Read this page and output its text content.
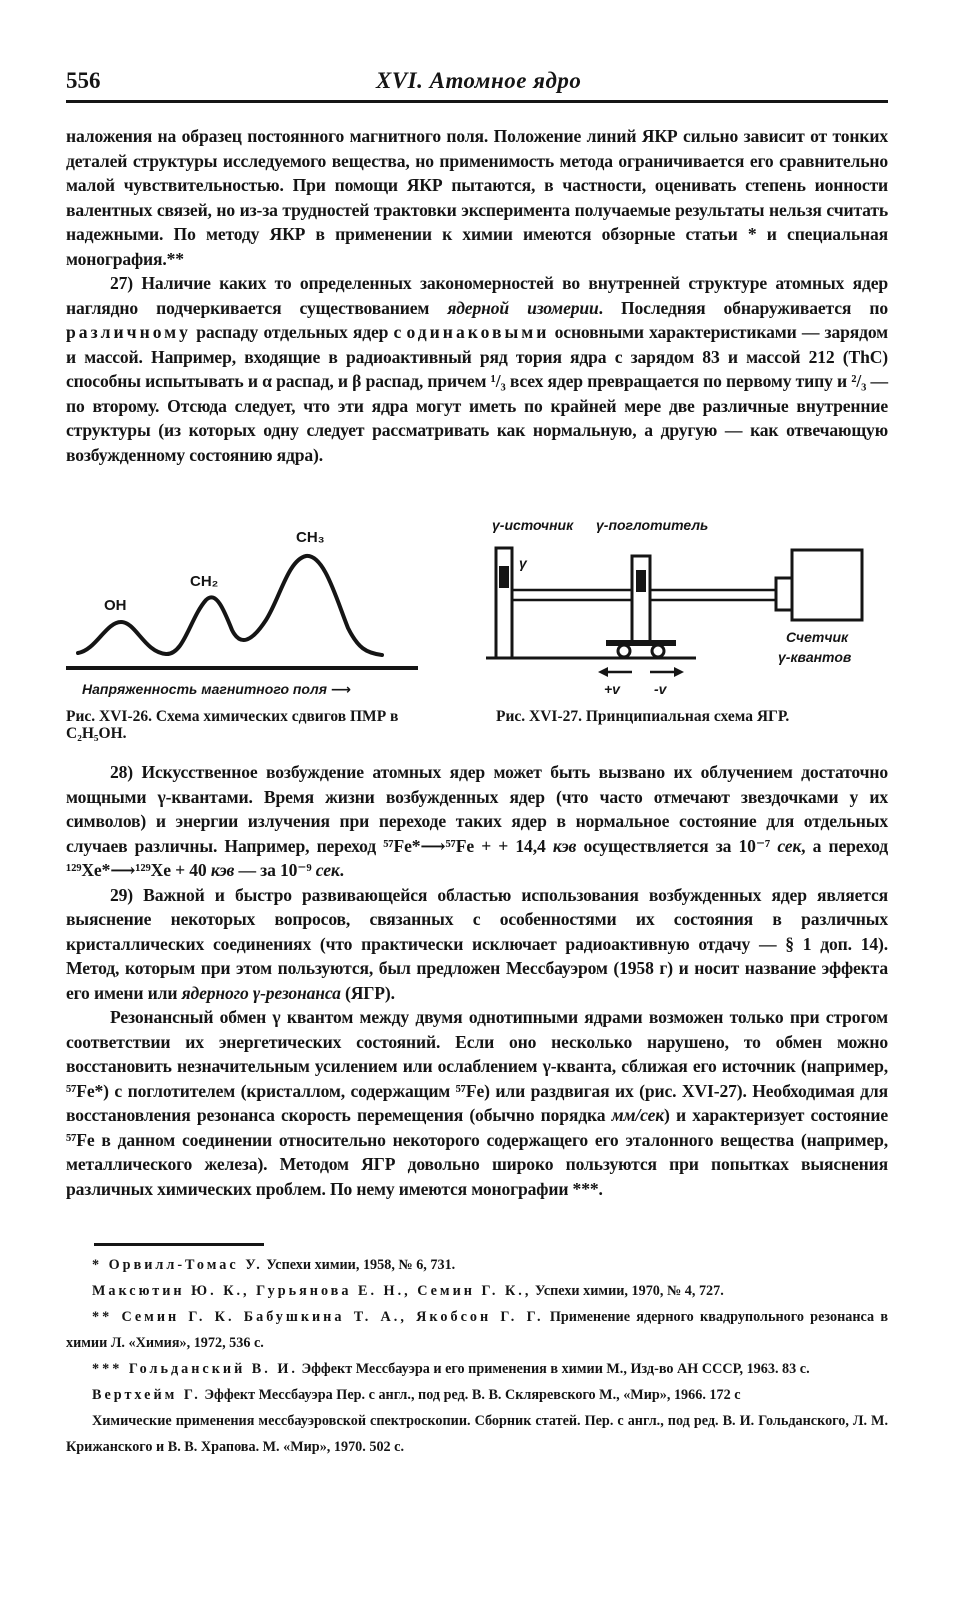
556	XVI. Атомное ядро

наложения на образец постоянного магнитного поля. Положение линий ЯКР сильно зависит от тонких деталей структуры исследуемого вещества, но применимость метода ограничивается его сравнительно малой чувствительностью. При помощи ЯКР пытаются, в частности, оценивать степень ионности валентных связей, но из-за трудностей трактовки эксперимента получаемые результаты нельзя считать надежными. По методу ЯКР в применении к химии имеются обзорные статьи * и специальная монография.**

27) Наличие каких то определенных закономерностей во внутренней структуре атомных ядер наглядно подчеркивается существованием ядерной изомерии. Последняя обнаруживается по различному распаду отдельных ядер с одинаковыми основными характеристиками — зарядом и массой. Например, входящие в радиоактивный ряд тория ядра с зарядом 83 и массой 212 (ThC) способны испытывать и α распад, и β распад, причем ¹/₃ всех ядер превращается по первому типу и ²/₃ — по второму. Отсюда следует, что эти ядра могут иметь по крайней мере две различные внутренние структуры (из которых одну следует рассматривать как нормальную, а другую — как отвечающую возбужденному состоянию ядра).

OH
CH₂
CH₃
Напряженность магнитного поля ⟶
Рис. XVI-26. Схема химических сдвигов ПМР в C₂H₅OH.
γ-источник γ-поглотитель
γ
Счетчик
γ-квантов
+v -v
Рис. XVI-27. Принципиальная схема ЯГР.

28) Искусственное возбуждение атомных ядер может быть вызвано их облучением достаточно мощными γ-квантами. Время жизни возбужденных ядер (что часто отмечают звездочками у их символов) и энергии излучения при переходе таких ядер в нормальное состояние для отдельных случаев различны. Например, переход ⁵⁷Fe*⟶⁵⁷Fe + + 14,4 кэв осуществляется за 10⁻⁷ сек, а переход ¹²⁹Xe*⟶¹²⁹Xe + 40 кэв — за 10⁻⁹ сек.

29) Важной и быстро развивающейся областью использования возбужденных ядер является выяснение некоторых вопросов, связанных с особенностями их состояния в различных кристаллических соединениях (что практически исключает радиоактивную отдачу — § 1 доп. 14). Метод, которым при этом пользуются, был предложен Мессбауэром (1958 г) и носит название эффекта его имени или ядерного γ-резонанса (ЯГР).

Резонансный обмен γ квантом между двумя однотипными ядрами возможен только при строгом соответствии их энергетических состояний. Если оно несколько нарушено, то обмен можно восстановить незначительным усилением или ослаблением γ-кванта, сближая его источник (например, ⁵⁷Fe*) с поглотителем (кристаллом, содержащим ⁵⁷Fe) или раздвигая их (рис. XVI-27). Необходимая для восстановления резонанса скорость перемещения (обычно порядка мм/сек) и характеризует состояние ⁵⁷Fe в данном соединении относительно некоторого содержащего его эталонного вещества (например, металлического железа). Методом ЯГР довольно широко пользуются при попытках выяснения различных химических проблем. По нему имеются монографии ***.

* Орвилл-Томас У. Успехи химии, 1958, № 6, 731.

Максютин Ю. К., Гурьянова Е. Н., Семин Г. К., Успехи химии, 1970, № 4, 727.

** Семин Г. К. Бабушкина Т. А., Якобсон Г. Г. Применение ядерного квадрупольного резонанса в химии Л. «Химия», 1972, 536 с.

*** Гольданский В. И. Эффект Мессбауэра и его применения в химии М., Изд-во АН СССР, 1963. 83 с.

Вертхейм Г. Эффект Мессбауэра Пер. с англ., под ред. В. В. Скляревского М., «Мир», 1966. 172 с

Химические применения мессбауэровской спектроскопии. Сборник статей. Пер. с англ., под ред. В. И. Гольданского, Л. М. Крижанского и В. В. Храпова. М. «Мир», 1970. 502 с.
